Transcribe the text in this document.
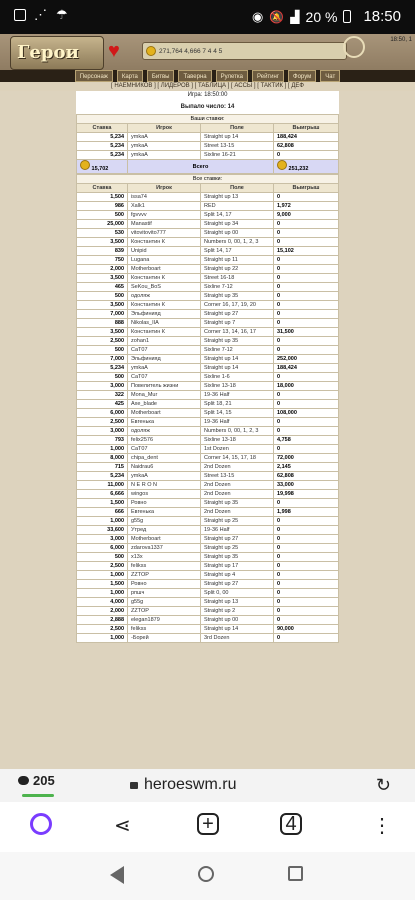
⋰ ☂	◉ 🔕 ▟ 20 % 18:50
Герои	♥	271,764 4,666 7 4 4 5
18:50, 1
Персонаж	Карта	Битвы	Таверна	Рулетка	Рейтинг	Форум	Чат
[ НАЕМНИКОВ ] [ ЛИДЕРОВ ] [ ТАБЛИЦА ] [ АССЫ ] [ ТАКТИК ] [ ДЕФ
Игра: 18:50:00
Выпало число: 14
Ваши ставки:			
Ставка	Игрок	Поле	Выигрыш
5,234	ymkaA	Straight up 14	188,424
5,234	ymkaA	Street 13-15	62,808
5,234	ymkaA	Sixline 16-21	0
15,702	Всего		251,232
Все ставки:			
Ставка	Игрок	Поле	Выигрыш
1,500	issa74	Straight up 13	0
986	Xalk1	RED	1,972
500	fgvvvv	Split 14, 17	9,000
25,000	Manastif	Straight up 34	0
530	vitovitovito777	Straight up 00	0
3,500	Константин К	Numbers 0, 00, 1, 2, 3	0
839	Unipid	Split 14, 17	15,102
750	Lugana	Straight up 11	0
2,000	Motherboart	Straight up 22	0
3,500	Константин К	Street 16-18	0
465	SeKou_BoS	Sixline 7-12	0
500	одоляж	Straight up 35	0
3,500	Константин К	Corner 16, 17, 19, 20	0
7,000	Эльфинияд	Straight up 27	0
888	Nikolas_IIA	Straight up 7	0
3,500	Константин К	Corner 13, 14, 16, 17	31,500
2,500	zohan1	Straight up 35	0
500	CaT07	Sixline 7-12	0
7,000	Эльфинияд	Straight up 14	252,000
5,234	ymkaA	Straight up 14	188,424
500	CaT07	Sixline 1-6	0
3,000	Повелитель жизни	Sixline 13-18	18,000
322	Mona_Mur	19-36 Half	0
425	Axe_blade	Split 18, 21	0
6,000	Motherboart	Split 14, 15	108,000
2,500	Евгенька	19-36 Half	0
3,000	одоляж	Numbers 0, 00, 1, 2, 3	0
793	felix2576	Sixline 13-18	4,758
1,000	CaT07	1st Dozen	0
8,000	chipa_dent	Corner 14, 15, 17, 18	72,000
715	Naidrau6	2nd Dozen	2,145
5,234	ymkaA	Street 13-15	62,808
11,000	N E R O N	2nd Dozen	33,000
6,666	wingos	2nd Dozen	19,998
1,500	Ровно	Straight up 35	0
666	Евгенька	2nd Dozen	1,998
1,000	g55g	Straight up 25	0
33,600	Утред	19-36 Half	0
3,000	Motherboart	Straight up 27	0
6,000	zdarova1337	Straight up 25	0
500	x13x	Straight up 35	0
2,500	felikss	Straight up 17	0
1,000	ZZTOP	Straight up 4	0
1,500	Ровно	Straight up 27	0
1,000	рпшч	Split 0, 00	0
4,000	g55g	Straight up 13	0
2,000	ZZTOP	Straight up 2	0
2,888	elegan1879	Straight up 00	0
2,500	felikss	Straight up 14	90,000
1,000	-Борей	3rd Dozen	0
205	heroeswm.ru	↻
⋖	+	4	⋮
